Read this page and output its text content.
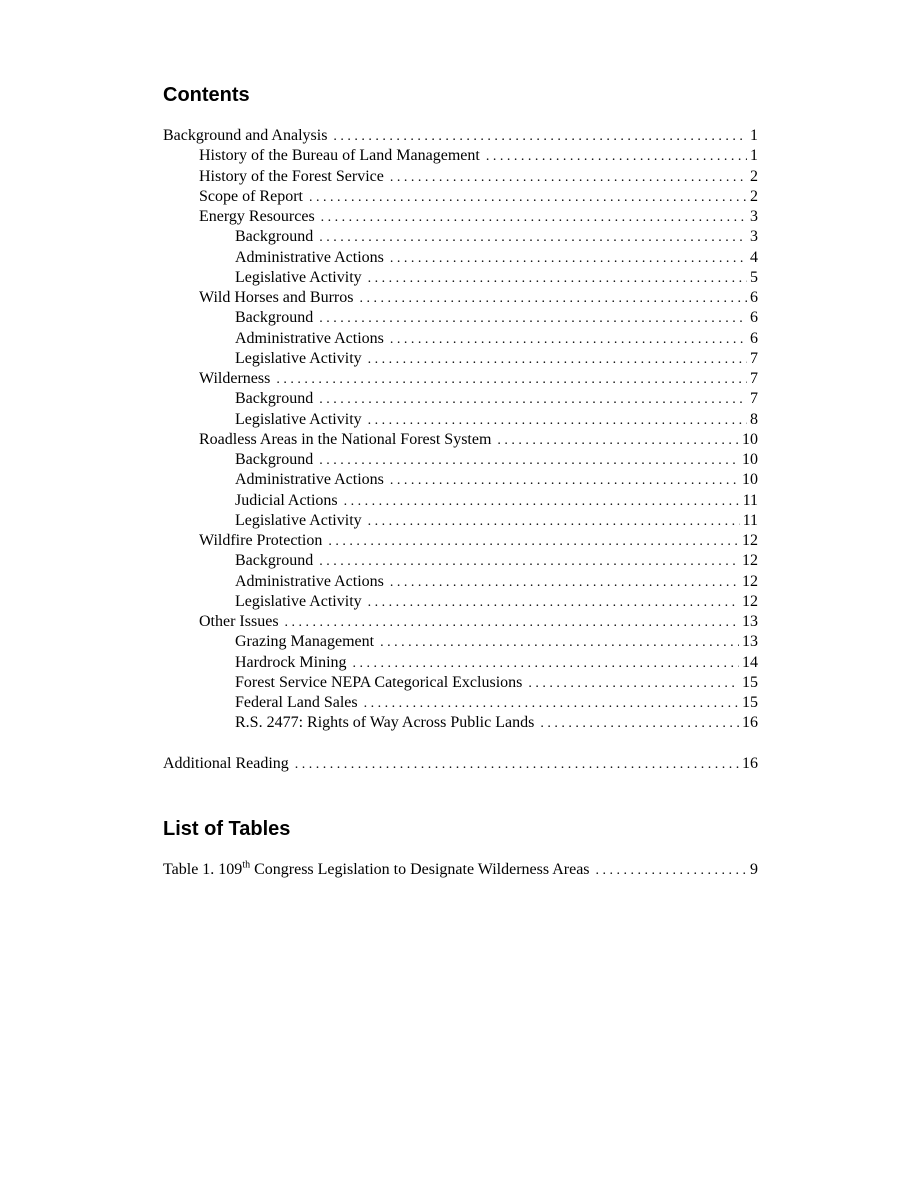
Contents
Background and Analysis . . .	1
History of the Bureau of Land Management . . .	1
History of the Forest Service . . .	2
Scope of Report . . .	2
Energy Resources . . .	3
Background . . .	3
Administrative Actions . . .	4
Legislative Activity . . .	5
Wild Horses and Burros . . .	6
Background . . .	6
Administrative Actions . . .	6
Legislative Activity . . .	7
Wilderness . . .	7
Background . . .	7
Legislative Activity . . .	8
Roadless Areas in the National Forest System . . .	10
Background . . .	10
Administrative Actions . . .	10
Judicial Actions . . .	11
Legislative Activity . . .	11
Wildfire Protection . . .	12
Background . . .	12
Administrative Actions . . .	12
Legislative Activity . . .	12
Other Issues . . .	13
Grazing Management . . .	13
Hardrock Mining . . .	14
Forest Service NEPA Categorical Exclusions . . .	15
Federal Land Sales . . .	15
R.S. 2477: Rights of Way Across Public Lands . . .	16
Additional Reading . . .	16
List of Tables
Table 1. 109th Congress Legislation to Designate Wilderness Areas . . .	9
